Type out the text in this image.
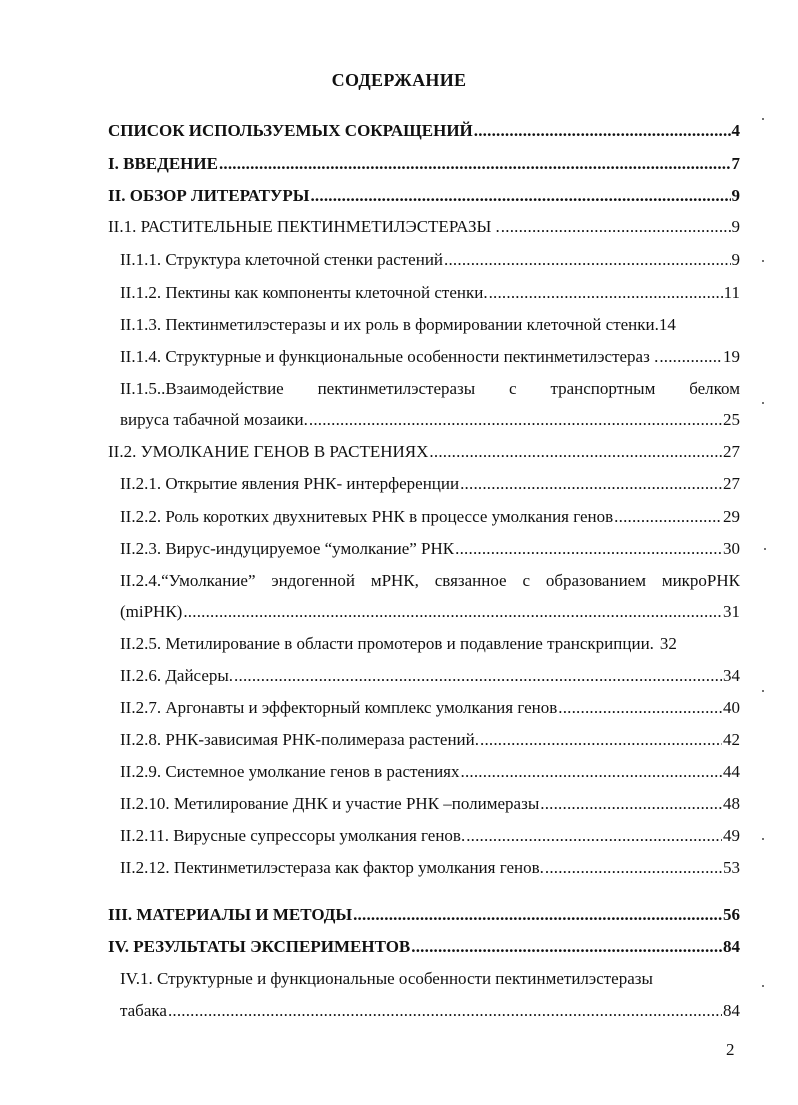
СОДЕРЖАНИЕ
СПИСОК ИСПОЛЬЗУЕМЫХ СОКРАЩЕНИЙ .....	4
I. ВВЕДЕНИЕ .....	7
II. ОБЗОР ЛИТЕРАТУРЫ .....	9
II.1. РАСТИТЕЛЬНЫЕ ПЕКТИНМЕТИЛЭСТЕРАЗЫ . .....	9
II.1.1. Структура клеточной стенки растений .....	9
II.1.2. Пектины как компоненты клеточной стенки. .....	11
II.1.3. Пектинметилэстеразы и их роль в формировании клеточной стенки. 14
II.1.4. Структурные и функциональные особенности пектинметилэстераз . .....	19
II.1.5..Взаимодействие пектинметилэстеразы с транспортным белком
вируса табачной мозаики. .....	25
II.2. УМОЛКАНИЕ ГЕНОВ В РАСТЕНИЯХ .....	27
II.2.1. Открытие явления РНК- интерференции .....	27
II.2.2. Роль коротких двухнитевых РНК в процессе умолкания генов .....	29
II.2.3. Вирус-индуцируемое “умолкание” РНК .....	30
II.2.4.“Умолкание” эндогенной мРНК, связанное с образованием микроРНК
(miРНК) .....	31
II.2.5. Метилирование в области промотеров и подавление транскрипции. 32
II.2.6. Дайсеры. .....	34
II.2.7. Аргонавты и эффекторный комплекс умолкания генов .....	40
II.2.8. РНК-зависимая РНК-полимераза растений. .....	42
II.2.9. Системное умолкание генов в растениях .....	44
II.2.10. Метилирование ДНК и участие РНК –полимеразы .....	48
II.2.11. Вирусные супрессоры умолкания генов. .....	49
II.2.12. Пектинметилэстераза как фактор умолкания генов. .....	53
III. МАТЕРИАЛЫ И МЕТОДЫ .....	56
IV. РЕЗУЛЬТАТЫ ЭКСПЕРИМЕНТОВ .....	84
IV.1. Структурные и функциональные особенности пектинметилэстеразы
табака .....	84
2
